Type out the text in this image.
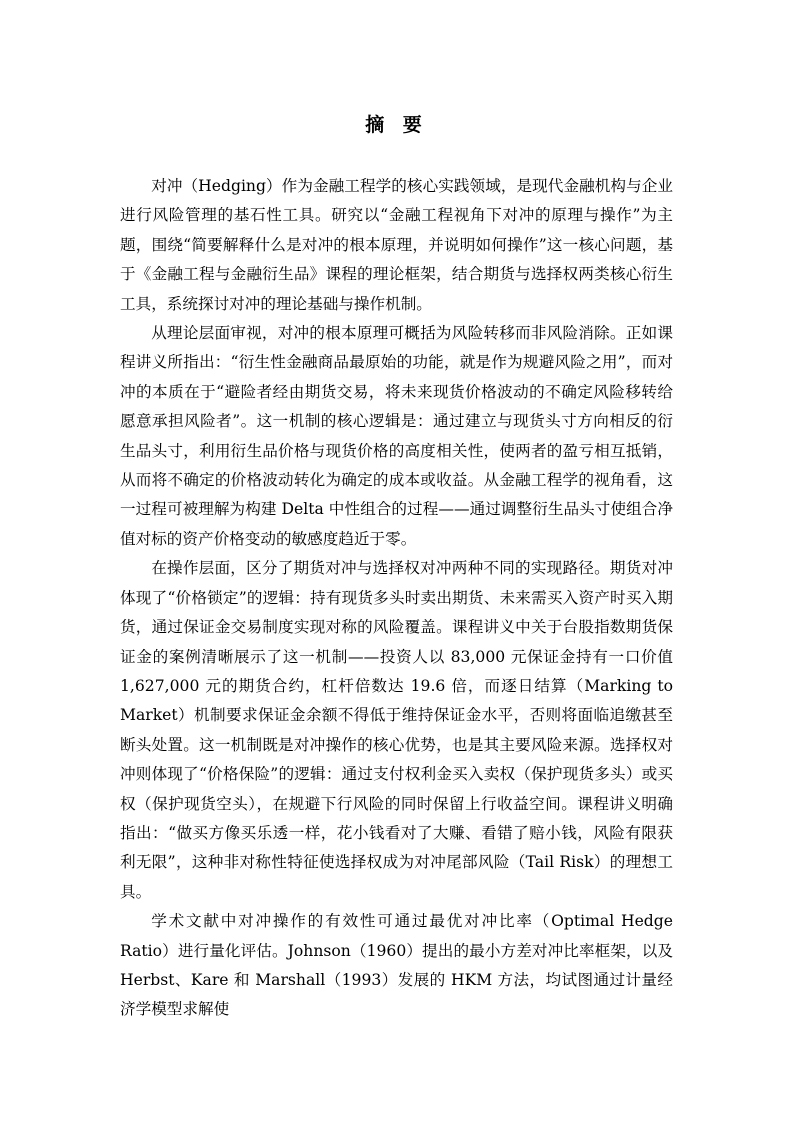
摘 要

对冲（Hedging）作为金融工程学的核心实践领域，是现代金融机构与企业进行风险管理的基石性工具。研究以“金融工程视角下对冲的原理与操作”为主题，围绕“简要解释什么是对冲的根本原理，并说明如何操作”这一核心问题，基于《金融工程与金融衍生品》课程的理论框架，结合期货与选择权两类核心衍生工具，系统探讨对冲的理论基础与操作机制。

从理论层面审视，对冲的根本原理可概括为风险转移而非风险消除。正如课程讲义所指出：“衍生性金融商品最原始的功能，就是作为规避风险之用”，而对冲的本质在于“避险者经由期货交易，将未来现货价格波动的不确定风险移转给愿意承担风险者”。这一机制的核心逻辑是：通过建立与现货头寸方向相反的衍生品头寸，利用衍生品价格与现货价格的高度相关性，使两者的盈亏相互抵销，从而将不确定的价格波动转化为确定的成本或收益。从金融工程学的视角看，这一过程可被理解为构建 Delta 中性组合的过程——通过调整衍生品头寸使组合净值对标的资产价格变动的敏感度趋近于零。

在操作层面，区分了期货对冲与选择权对冲两种不同的实现路径。期货对冲体现了“价格锁定”的逻辑：持有现货多头时卖出期货、未来需买入资产时买入期货，通过保证金交易制度实现对称的风险覆盖。课程讲义中关于台股指数期货保证金的案例清晰展示了这一机制——投资人以 83,000 元保证金持有一口价值 1,627,000 元的期货合约，杠杆倍数达 19.6 倍，而逐日结算（Marking to Market）机制要求保证金余额不得低于维持保证金水平，否则将面临追缴甚至断头处置。这一机制既是对冲操作的核心优势，也是其主要风险来源。选择权对冲则体现了“价格保险”的逻辑：通过支付权利金买入卖权（保护现货多头）或买权（保护现货空头），在规避下行风险的同时保留上行收益空间。课程讲义明确指出：“做买方像买乐透一样，花小钱看对了大赚、看错了赔小钱，风险有限获利无限”，这种非对称性特征使选择权成为对冲尾部风险（Tail Risk）的理想工具。

学术文献中对冲操作的有效性可通过最优对冲比率（Optimal Hedge Ratio）进行量化评估。Johnson（1960）提出的最小方差对冲比率框架，以及 Herbst、Kare 和 Marshall（1993）发展的 HKM 方法，均试图通过计量经济学模型求解使
